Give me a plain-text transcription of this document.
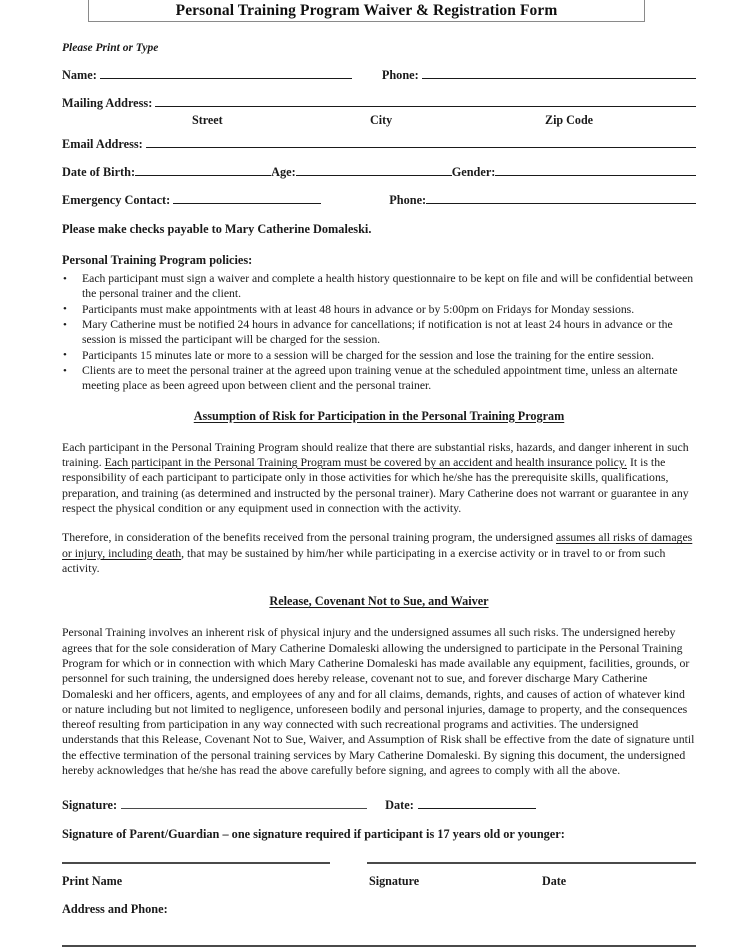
Personal Training Program Waiver & Registration Form
Please Print or Type
Name:	Phone:
Mailing Address:
Street	City	Zip Code
Email Address:
Date of Birth:	Age:	Gender:
Emergency Contact:	Phone:
Please make checks payable to Mary Catherine Domaleski.
Personal Training Program policies:
• Each participant must sign a waiver and complete a health history questionnaire to be kept on file and will be confidential between the personal trainer and the client.
• Participants must make appointments with at least 48 hours in advance or by 5:00pm on Fridays for Monday sessions.
• Mary Catherine must be notified 24 hours in advance for cancellations; if notification is not at least 24 hours in advance or the session is missed the participant will be charged for the session.
• Participants 15 minutes late or more to a session will be charged for the session and lose the training for the entire session.
• Clients are to meet the personal trainer at the agreed upon training venue at the scheduled appointment time, unless an alternate meeting place as been agreed upon between client and the personal trainer.
Assumption of Risk for Participation in the Personal Training Program

Each participant in the Personal Training Program should realize that there are substantial risks, hazards, and danger inherent in such training. Each participant in the Personal Training Program must be covered by an accident and health insurance policy. It is the responsibility of each participant to participate only in those activities for which he/she has the prerequisite skills, qualifications, preparation, and training (as determined and instructed by the personal trainer). Mary Catherine does not warrant or guarantee in any respect the physical condition or any equipment used in connection with the activity.

Therefore, in consideration of the benefits received from the personal training program, the undersigned assumes all risks of damages or injury, including death, that may be sustained by him/her while participating in a exercise activity or in travel to or from such activity.

Release, Covenant Not to Sue, and Waiver

Personal Training involves an inherent risk of physical injury and the undersigned assumes all such risks. The undersigned hereby agrees that for the sole consideration of Mary Catherine Domaleski allowing the undersigned to participate in the Personal Training Program for which or in connection with which Mary Catherine Domaleski has made available any equipment, facilities, grounds, or personnel for such training, the undersigned does hereby release, covenant not to sue, and forever discharge Mary Catherine Domaleski and her officers, agents, and employees of any and for all claims, demands, rights, and causes of action of whatever kind or nature including but not limited to negligence, unforeseen bodily and personal injuries, damage to property, and the consequences thereof resulting from participation in any way connected with such recreational programs and activities. The undersigned understands that this Release, Covenant Not to Sue, Waiver, and Assumption of Risk shall be effective from the date of signature until the effective termination of the personal training services by Mary Catherine Domaleski. By signing this document, the undersigned hereby acknowledges that he/she has read the above carefully before signing, and agrees to comply with all the above.

Signature:	Date:
Signature of Parent/Guardian – one signature required if participant is 17 years old or younger:
Print Name	Signature	Date
Address and Phone:
